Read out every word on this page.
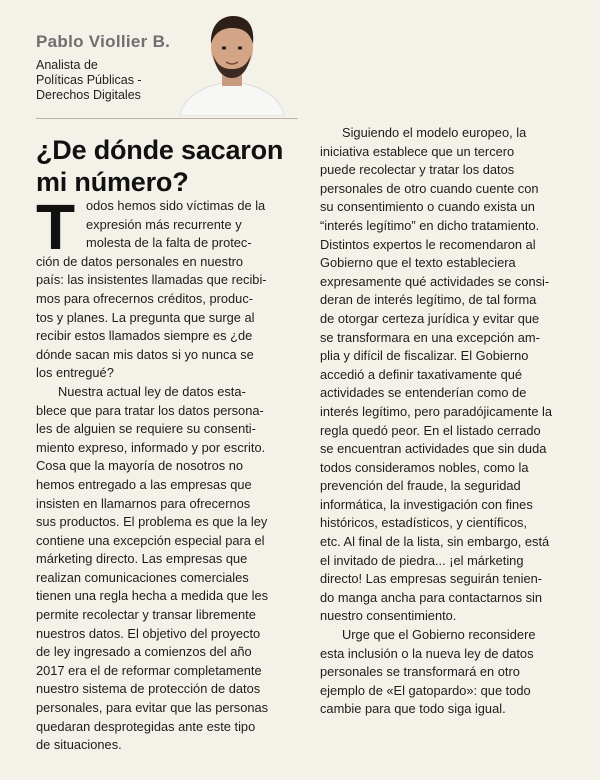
Pablo Viollier B.
Analista de
Políticas Públicas -
Derechos Digitales
¿De dónde sacaron
mi número?
T odos hemos sido víctimas de la
expresión más recurrente y
molesta de la falta de protec-
ción de datos personales en nuestro
país: las insistentes llamadas que recibi-
mos para ofrecernos créditos, produc-
tos y planes. La pregunta que surge al
recibir estos llamados siempre es ¿de
dónde sacan mis datos si yo nunca se
los entregué?
Nuestra actual ley de datos esta-
blece que para tratar los datos persona-
les de alguien se requiere su consenti-
miento expreso, informado y por escrito.
Cosa que la mayoría de nosotros no
hemos entregado a las empresas que
insisten en llamarnos para ofrecernos
sus productos. El problema es que la ley
contiene una excepción especial para el
márketing directo. Las empresas que
realizan comunicaciones comerciales
tienen una regla hecha a medida que les
permite recolectar y transar libremente
nuestros datos. El objetivo del proyecto
de ley ingresado a comienzos del año
2017 era el de reformar completamente
nuestro sistema de protección de datos
personales, para evitar que las personas
quedaran desprotegidas ante este tipo
de situaciones.
Siguiendo el modelo europeo, la
iniciativa establece que un tercero
puede recolectar y tratar los datos
personales de otro cuando cuente con
su consentimiento o cuando exista un
“interés legítimo” en dicho tratamiento.
Distintos expertos le recomendaron al
Gobierno que el texto estableciera
expresamente qué actividades se consi-
deran de interés legítimo, de tal forma
de otorgar certeza jurídica y evitar que
se transformara en una excepción am-
plia y difícil de fiscalizar. El Gobierno
accedió a definir taxativamente qué
actividades se entenderían como de
interés legítimo, pero paradójicamente la
regla quedó peor. En el listado cerrado
se encuentran actividades que sin duda
todos consideramos nobles, como la
prevención del fraude, la seguridad
informática, la investigación con fines
históricos, estadísticos, y científicos,
etc. Al final de la lista, sin embargo, está
el invitado de piedra... ¡el márketing
directo! Las empresas seguirán tenien-
do manga ancha para contactarnos sin
nuestro consentimiento.
Urge que el Gobierno reconsidere
esta inclusión o la nueva ley de datos
personales se transformará en otro
ejemplo de «El gatopardo»: que todo
cambie para que todo siga igual.
